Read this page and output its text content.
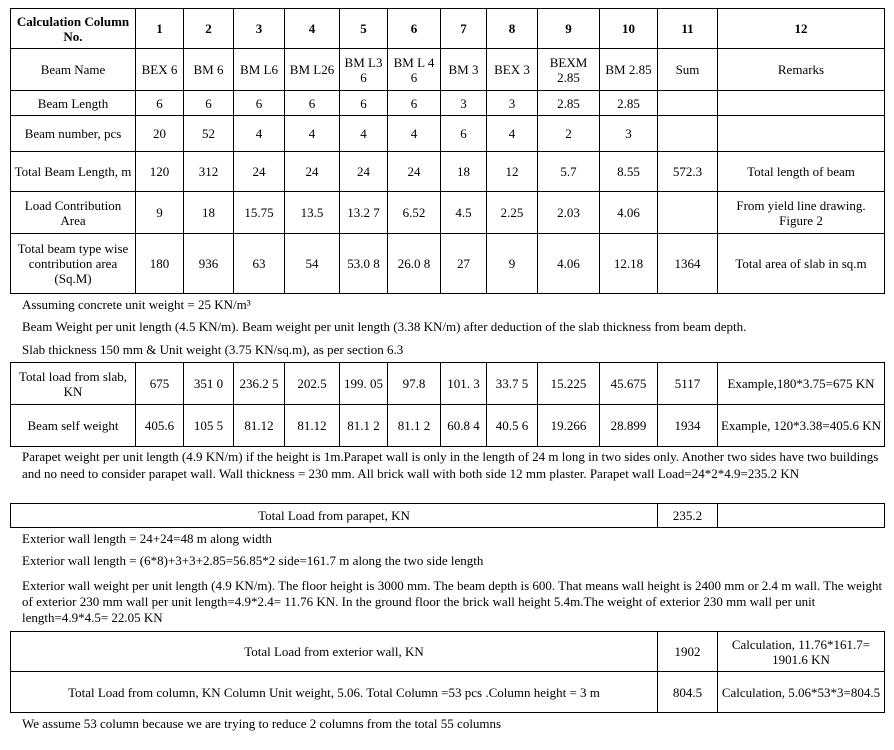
Calculation Column No.	1	2	3	4	5	6	7	8	9	10	11	12
Beam Name	BEX 6	BM 6	BM L6	BM L26	BM L3 6	BM L 4 6	BM 3	BEX 3	BEXM 2.85	BM 2.85	Sum	Remarks
Beam Length	6	6	6	6	6	6	3	3	2.85	2.85		
Beam number, pcs	20	52	4	4	4	4	6	4	2	3		
Total Beam Length, m	120	312	24	24	24	24	18	12	5.7	8.55	572.3	Total length of beam
Load Contribution Area	9	18	15.75	13.5	13.2 7	6.52	4.5	2.25	2.03	4.06		From yield line drawing. Figure 2
Total beam type wise contribution area (Sq.M)	180	936	63	54	53.0 8	26.0 8	27	9	4.06	12.18	1364	Total area of slab in sq.m
Assuming concrete unit weight = 25 KN/m³
Beam Weight per unit length (4.5 KN/m). Beam weight per unit length (3.38 KN/m) after deduction of the slab thickness from beam depth.
Slab thickness 150 mm & Unit weight (3.75 KN/sq.m), as per section 6.3
Total load from slab, KN	675	351 0	236.2 5	202.5	199. 05	97.8	101. 3	33.7 5	15.225	45.675	5117	Example,180*3.75=675 KN
Beam self weight	405.6	105 5	81.12	81.12	81.1 2	81.1 2	60.8 4	40.5 6	19.266	28.899	1934	Example, 120*3.38=405.6 KN
Parapet weight per unit length (4.9 KN/m) if the height is 1m.Parapet wall is only in the length of 24 m long in two sides only. Another two sides have two buildings and no need to consider parapet wall. Wall thickness = 230 mm. All brick wall with both side 12 mm plaster. Parapet wall Load=24*2*4.9=235.2 KN
Total Load from parapet, KN	235.2	
Exterior wall length = 24+24=48 m along width
Exterior wall length = (6*8)+3+3+2.85=56.85*2 side=161.7 m along the two side length
Exterior wall weight per unit length (4.9 KN/m). The floor height is 3000 mm. The beam depth is 600. That means wall height is 2400 mm or 2.4 m wall. The weight of exterior 230 mm wall per unit length=4.9*2.4= 11.76 KN. In the ground floor the brick wall height 5.4m.The weight of exterior 230 mm wall per unit length=4.9*4.5= 22.05 KN
Total Load from exterior wall, KN	1902	Calculation, 11.76*161.7= 1901.6 KN
Total Load from column, KN Column Unit weight, 5.06. Total Column =53 pcs .Column height = 3 m	804.5	Calculation, 5.06*53*3=804.5
We assume 53 column because we are trying to reduce 2 columns from the total 55 columns
